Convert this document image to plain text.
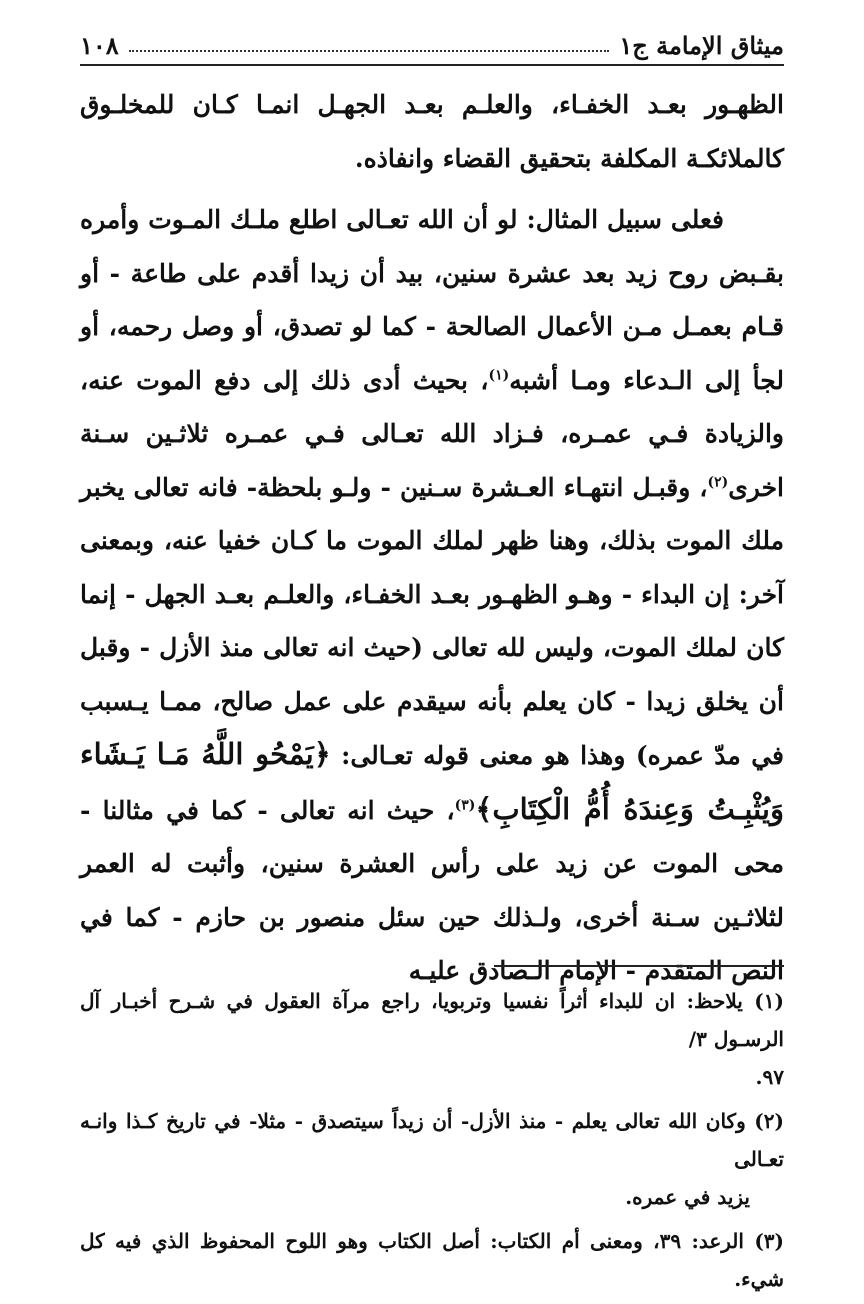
ميثاق الإمامة ج١
١٠٨

الظهـور بعـد الخفـاء، والعلـم بعـد الجهـل انمـا كـان للمخلـوق كالملائكـة المكلفة بتحقيق القضاء وانفاذه.

فعلى سبيل المثال: لو أن الله تعـالى اطلع ملـك المـوت وأمره بقـبض روح زيد بعد عشرة سنين، بيد أن زيدا أقدم على طاعة - أو قـام بعمـل مـن الأعمال الصالحة - كما لو تصدق، أو وصل رحمه، أو لجأ إلى الـدعاء ومـا أشبه$^{(١)}$، بحيث أدى ذلك إلى دفع الموت عنه، والزيادة فـي عمـره، فـزاد الله تعـالى فـي عمـره ثلاثـين سـنة اخرى$^{(٢)}$، وقبـل انتهـاء العـشرة سـنين - ولـو بلحظة- فانه تعالى يخبر ملك الموت بذلك، وهنا ظهر لملك الموت ما كـان خفيا عنه، وبمعنى آخر: إن البداء - وهـو الظهـور بعـد الخفـاء، والعلـم بعـد الجهل - إنما كان لملك الموت، وليس لله تعالى (حيث انه تعالى منذ الأزل - وقبل أن يخلق زيدا - كان يعلم بأنه سيقدم على عمل صالح، ممـا يـسبب في مدّ عمره) وهذا هو معنى قوله تعـالى: ﴿يَمْحُو اللَّهُ مَـا يَـشَاء وَيُثْبِـتُ وَعِندَهُ أُمُّ الْكِتَابِ﴾$^{(٣)}$، حيث انه تعالى - كما في مثالنا - محى الموت عن زيد على رأس العشرة سنين، وأثبت له العمر لثلاثـين سـنة أخرى، ولـذلك حين سئل منصور بن حازم - كما في النص المتقدم - الإمام الـصادق عليـه

(١) يلاحظ: ان للبداء أثراً نفسيا وتربويا، راجع مرآة العقول في شـرح أخبـار آل الرسـول ٣/
٩٧.

(٢) وكان الله تعالى يعلم - منذ الأزل- أن زيداً سيتصدق - مثلا- في تاريخ كـذا وانـه تعـالى
يزيد في عمره.

(٣) الرعد: ٣٩، ومعنى أم الكتاب: أصل الكتاب وهو اللوح المحفوظ الذي فيه كل شيء.
